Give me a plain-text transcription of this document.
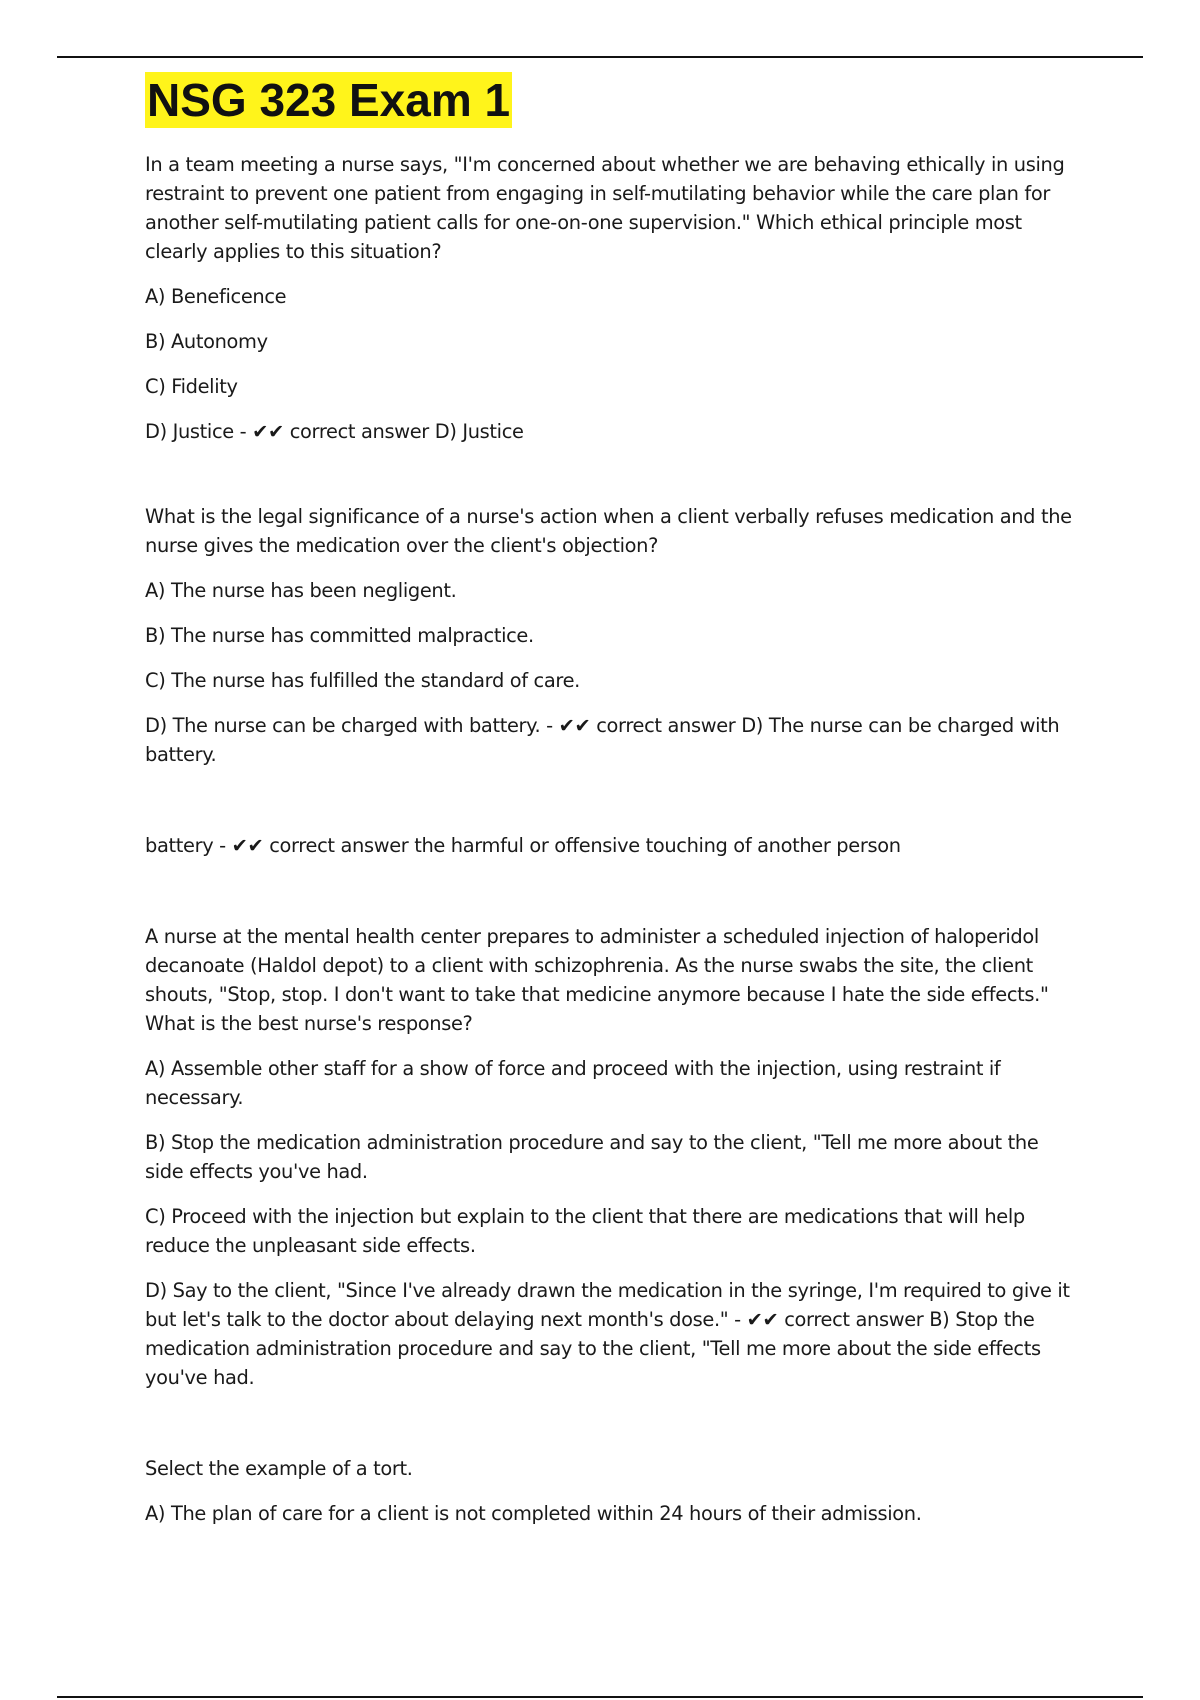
NSG 323 Exam 1

In a team meeting a nurse says, "I'm concerned about whether we are behaving ethically in using restraint to prevent one patient from engaging in self-mutilating behavior while the care plan for another self-mutilating patient calls for one-on-one supervision." Which ethical principle most clearly applies to this situation?

A) Beneficence

B) Autonomy

C) Fidelity

D) Justice - ✔✔ correct answer D) Justice

What is the legal significance of a nurse's action when a client verbally refuses medication and the nurse gives the medication over the client's objection?

A) The nurse has been negligent.

B) The nurse has committed malpractice.

C) The nurse has fulfilled the standard of care.

D) The nurse can be charged with battery. - ✔✔ correct answer D) The nurse can be charged with battery.

battery - ✔✔ correct answer the harmful or offensive touching of another person

A nurse at the mental health center prepares to administer a scheduled injection of haloperidol decanoate (Haldol depot) to a client with schizophrenia. As the nurse swabs the site, the client shouts, "Stop, stop. I don't want to take that medicine anymore because I hate the side effects." What is the best nurse's response?

A) Assemble other staff for a show of force and proceed with the injection, using restraint if necessary.

B) Stop the medication administration procedure and say to the client, "Tell me more about the side effects you've had.

C) Proceed with the injection but explain to the client that there are medications that will help reduce the unpleasant side effects.

D) Say to the client, "Since I've already drawn the medication in the syringe, I'm required to give it but let's talk to the doctor about delaying next month's dose." - ✔✔ correct answer B) Stop the medication administration procedure and say to the client, "Tell me more about the side effects you've had.

Select the example of a tort.

A) The plan of care for a client is not completed within 24 hours of their admission.
